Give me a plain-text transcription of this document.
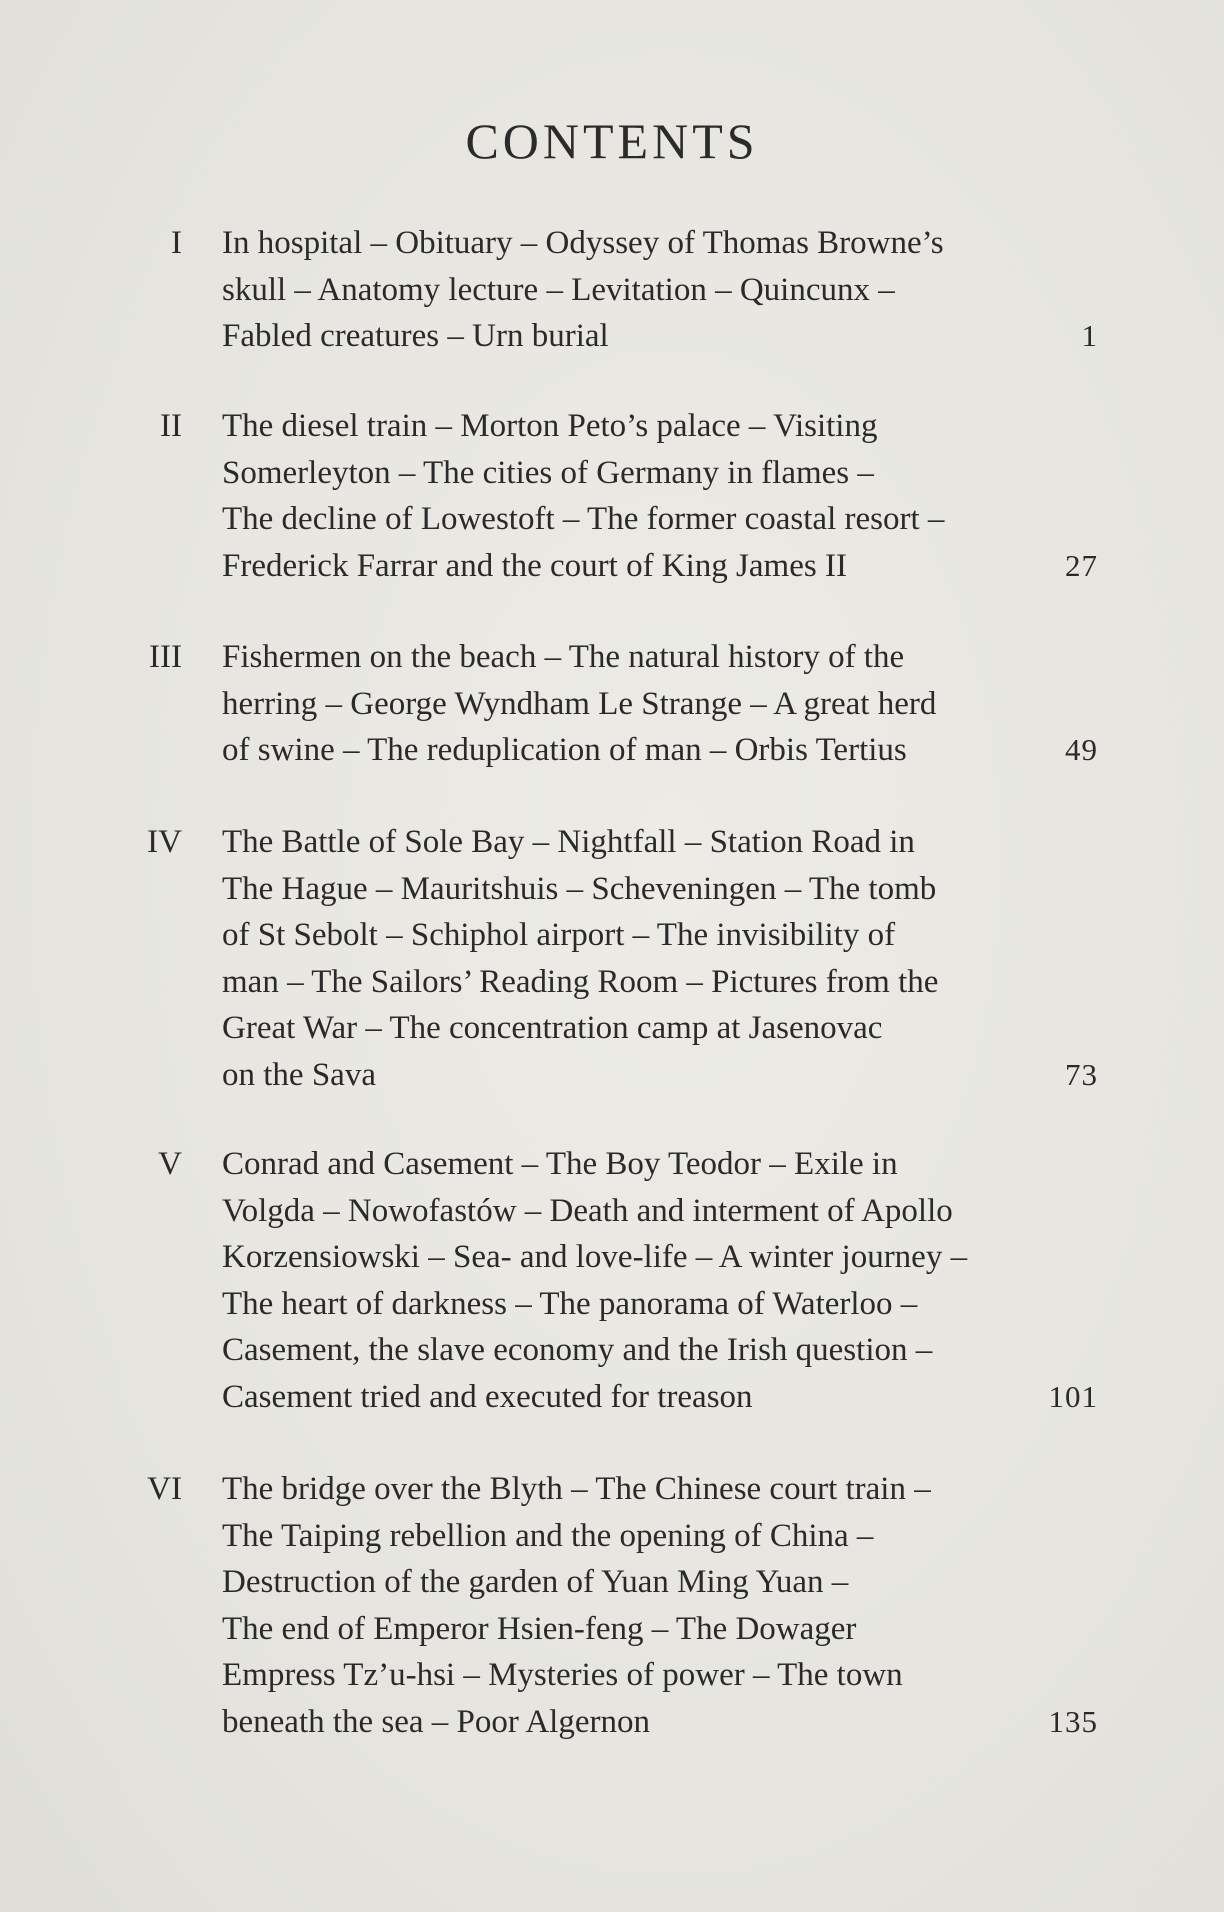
CONTENTS
I In hospital – Obituary – Odyssey of Thomas Browne’s
skull – Anatomy lecture – Levitation – Quincunx –
Fabled creatures – Urn burial	1
II The diesel train – Morton Peto’s palace – Visiting
Somerleyton – The cities of Germany in flames –
The decline of Lowestoft – The former coastal resort –
Frederick Farrar and the court of King James II	27
III Fishermen on the beach – The natural history of the
herring – George Wyndham Le Strange – A great herd
of swine – The reduplication of man – Orbis Tertius	49
IV The Battle of Sole Bay – Nightfall – Station Road in
The Hague – Mauritshuis – Scheveningen – The tomb
of St Sebolt – Schiphol airport – The invisibility of
man – The Sailors’ Reading Room – Pictures from the
Great War – The concentration camp at Jasenovac
on the Sava	73
V Conrad and Casement – The Boy Teodor – Exile in
Volgda – Nowofastów – Death and interment of Apollo
Korzensiowski – Sea- and love-life – A winter journey –
The heart of darkness – The panorama of Waterloo –
Casement, the slave economy and the Irish question –
Casement tried and executed for treason	101
VI The bridge over the Blyth – The Chinese court train –
The Taiping rebellion and the opening of China –
Destruction of the garden of Yuan Ming Yuan –
The end of Emperor Hsien-feng – The Dowager
Empress Tz’u-hsi – Mysteries of power – The town
beneath the sea – Poor Algernon	135
